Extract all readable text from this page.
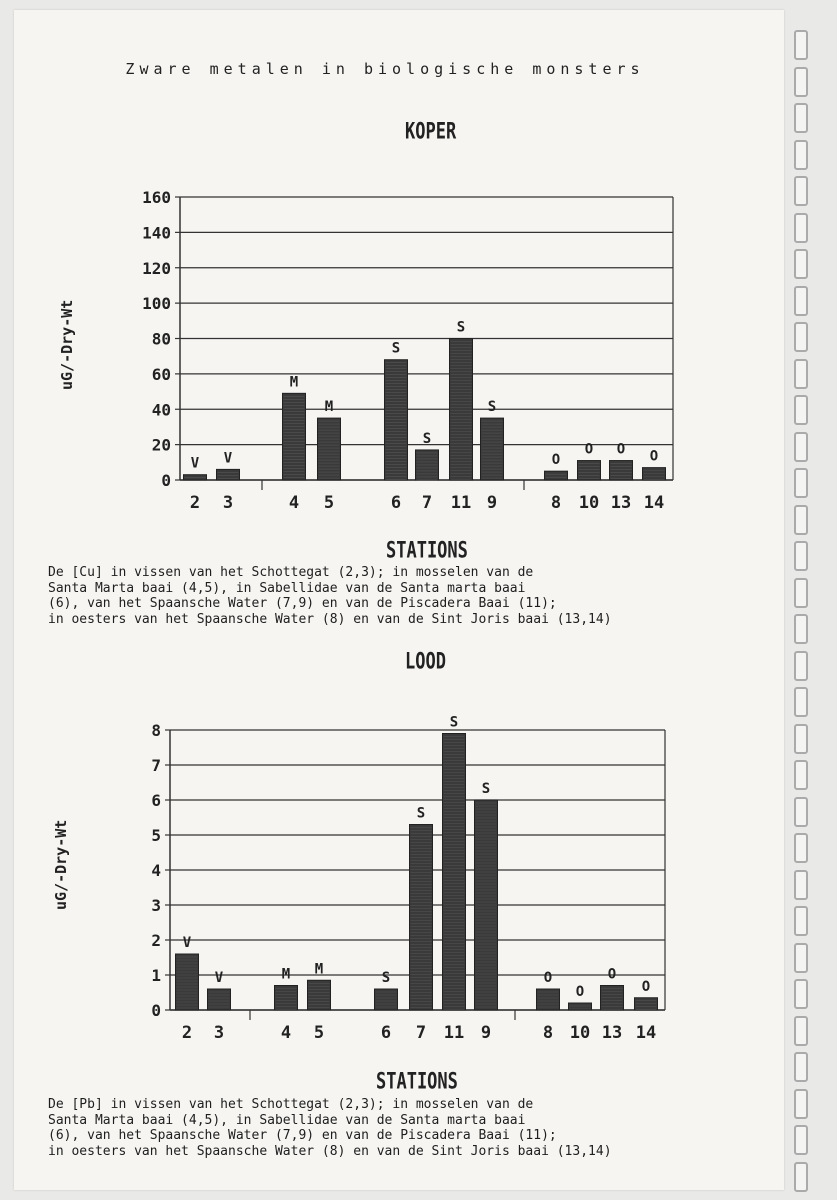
Zware metalen in biologische monsters
KOPER
uG/-Dry-Wt
0
20
40
60
80
100
120
140
160
V
2
V
3
M
4
M
5
S
6
S
7
S
11
S
9
O
8
O
10
O
13
O
14
STATIONS
De [Cu] in vissen van het Schottegat (2,3); in mosselen van de
Santa Marta baai (4,5), in Sabellidae van de Santa marta baai
(6), van het Spaansche Water (7,9) en van de Piscadera Baai (11);
in oesters van het Spaansche Water (8) en van de Sint Joris baai (13,14)
LOOD
uG/-Dry-Wt
0
1
2
3
4
5
6
7
8
V
2
V
3
M
4
M
5
S
6
S
7
S
11
S
9
O
8
O
10
O
13
O
14
STATIONS
De [Pb] in vissen van het Schottegat (2,3); in mosselen van de
Santa Marta baai (4,5), in Sabellidae van de Santa marta baai
(6), van het Spaansche Water (7,9) en van de Piscadera Baai (11);
in oesters van het Spaansche Water (8) en van de Sint Joris baai (13,14)
